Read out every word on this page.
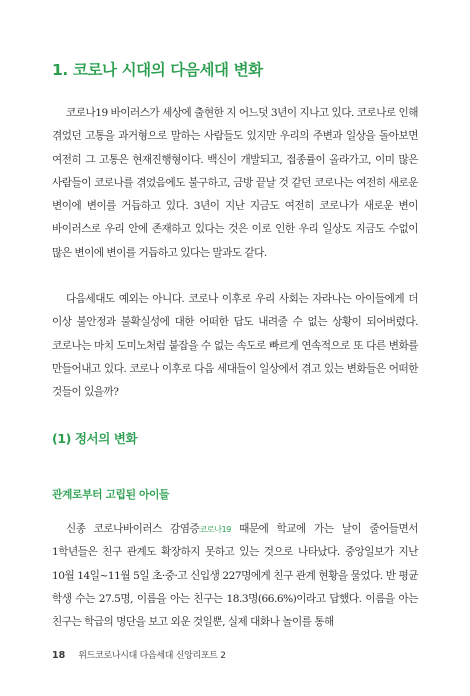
1. 코로나 시대의 다음세대 변화

코로나19 바이러스가 세상에 출현한 지 어느덧 3년이 지나고 있다. 코로나로 인해 겪었던 고통을 과거형으로 말하는 사람들도 있지만 우리의 주변과 일상을 돌아보면 여전히 그 고통은 현재진행형이다. 백신이 개발되고, 접종률이 올라가고, 이미 많은 사람들이 코로나를 겪었음에도 불구하고, 금방 끝날 것 같던 코로나는 여전히 새로운 변이에 변이를 거듭하고 있다. 3년이 지난 지금도 여전히 코로나가 새로운 변이 바이러스로 우리 안에 존재하고 있다는 것은 이로 인한 우리 일상도 지금도 수없이 많은 변이에 변이를 거듭하고 있다는 말과도 같다.

다음세대도 예외는 아니다. 코로나 이후로 우리 사회는 자라나는 아이들에게 더 이상 불안정과 불확실성에 대한 어떠한 답도 내려줄 수 없는 상황이 되어버렸다. 코로나는 마치 도미노처럼 붙잡을 수 없는 속도로 빠르게 연속적으로 또 다른 변화를 만들어내고 있다. 코로나 이후로 다음 세대들이 일상에서 겪고 있는 변화들은 어떠한 것들이 있을까?

(1) 정서의 변화
관계로부터 고립된 아이들

신종 코로나바이러스 감염증코로나19 때문에 학교에 가는 날이 줄어들면서 1학년들은 친구 관계도 확장하지 못하고 있는 것으로 나타났다. 중앙일보가 지난 10월 14일~11월 5일 초·중·고 신입생 227명에게 친구 관계 현황을 물었다. 반 평균 학생 수는 27.5명, 이름을 아는 친구는 18.3명(66.6%)이라고 답했다. 이름을 아는 친구는 학급의 명단을 보고 외운 것일뿐, 실제 대화나 놀이를 통해

18 위드코로나시대 다음세대 신앙리포트 2
